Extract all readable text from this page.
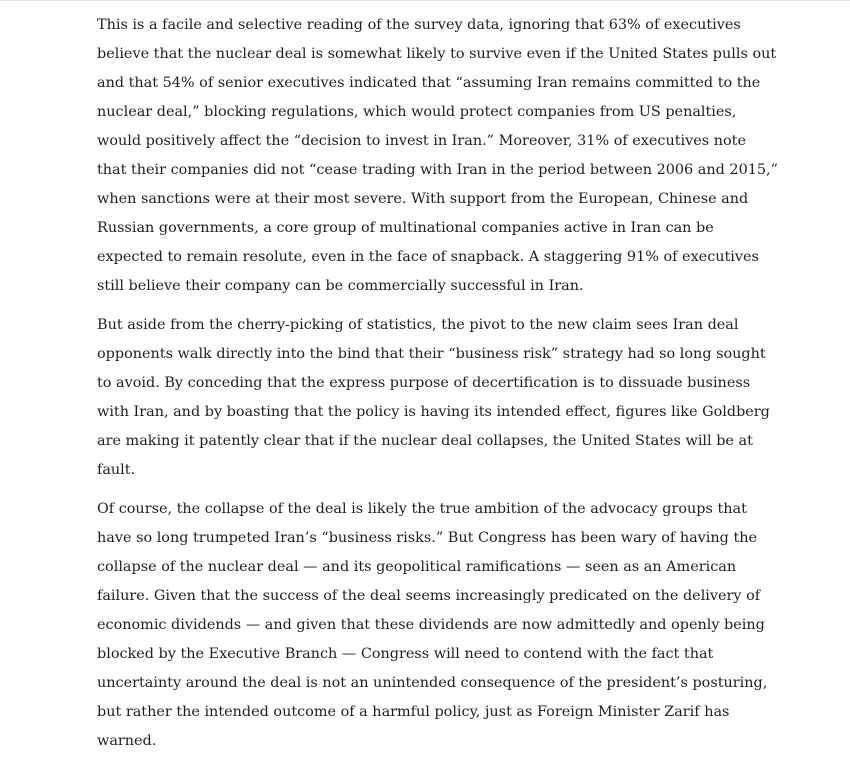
This is a facile and selective reading of the survey data, ignoring that 63% of executives
believe that the nuclear deal is somewhat likely to survive even if the United States pulls out
and that 54% of senior executives indicated that “assuming Iran remains committed to the
nuclear deal,” blocking regulations, which would protect companies from US penalties,
would positively affect the “decision to invest in Iran.” Moreover, 31% of executives note
that their companies did not “cease trading with Iran in the period between 2006 and 2015,”
when sanctions were at their most severe. With support from the European, Chinese and
Russian governments, a core group of multinational companies active in Iran can be
expected to remain resolute, even in the face of snapback. A staggering 91% of executives
still believe their company can be commercially successful in Iran.

But aside from the cherry-picking of statistics, the pivot to the new claim sees Iran deal
opponents walk directly into the bind that their “business risk” strategy had so long sought
to avoid. By conceding that the express purpose of decertification is to dissuade business
with Iran, and by boasting that the policy is having its intended effect, figures like Goldberg
are making it patently clear that if the nuclear deal collapses, the United States will be at
fault.

Of course, the collapse of the deal is likely the true ambition of the advocacy groups that
have so long trumpeted Iran’s “business risks.” But Congress has been wary of having the
collapse of the nuclear deal — and its geopolitical ramifications — seen as an American
failure. Given that the success of the deal seems increasingly predicated on the delivery of
economic dividends — and given that these dividends are now admittedly and openly being
blocked by the Executive Branch — Congress will need to contend with the fact that
uncertainty around the deal is not an unintended consequence of the president’s posturing,
but rather the intended outcome of a harmful policy, just as Foreign Minister Zarif has
warned.
